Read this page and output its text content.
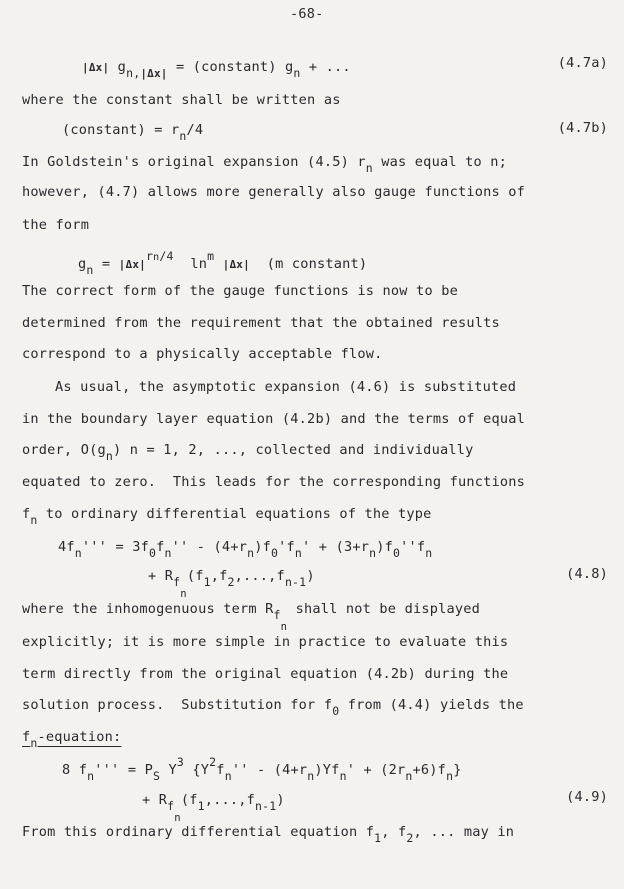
-68-
|Δx| $g_{n,|\Delta x|}$ = (constant) $g_n$ + ...	(4.7a)
where the constant shall be written as
(constant) = $r_n/4$	(4.7b)
In Goldstein's original expansion (4.5) $r_n$ was equal to n;
however, (4.7) allows more generally also gauge functions of
the form
$g_n = |\Delta x|^{rn/4}$  $\ln^m |\Delta x|$  (m constant)
The correct form of the gauge functions is now to be
determined from the requirement that the obtained results
correspond to a physically acceptable flow.
As usual, the asymptotic expansion (4.6) is substituted
in the boundary layer equation (4.2b) and the terms of equal
order, $O(g_n) n = 1$, 2, ..., collected and individually
equated to zero.  This leads for the corresponding functions
$f_n$ to ordinary differential equations of the type
$4f_n''' = 3f_0f_n'' - (4+r_n)f_0'f_n' + (3+r_n)f_0''f_n$
+ $R_{fn}(f_1,f_2,...,f_{n-1})$	(4.8)
where the inhomogenuous term $R_{fn}$ shall not be displayed
explicitly; it is more simple in practice to evaluate this
term directly from the original equation (4.2b) during the
solution process.  Substitution for $f_0$ from (4.4) yields the
$f_n$-equation:
8 $f_n''' = P_S$ $Y^3$ $\{Y^2f_n'' - (4+r_n)Yf_n' + (2r_n+6)f_n\}$
+ $R_{fn}(f_1,...,f_{n-1})$	(4.9)
From this ordinary differential equation $f_1$, $f_2$, ... may in
